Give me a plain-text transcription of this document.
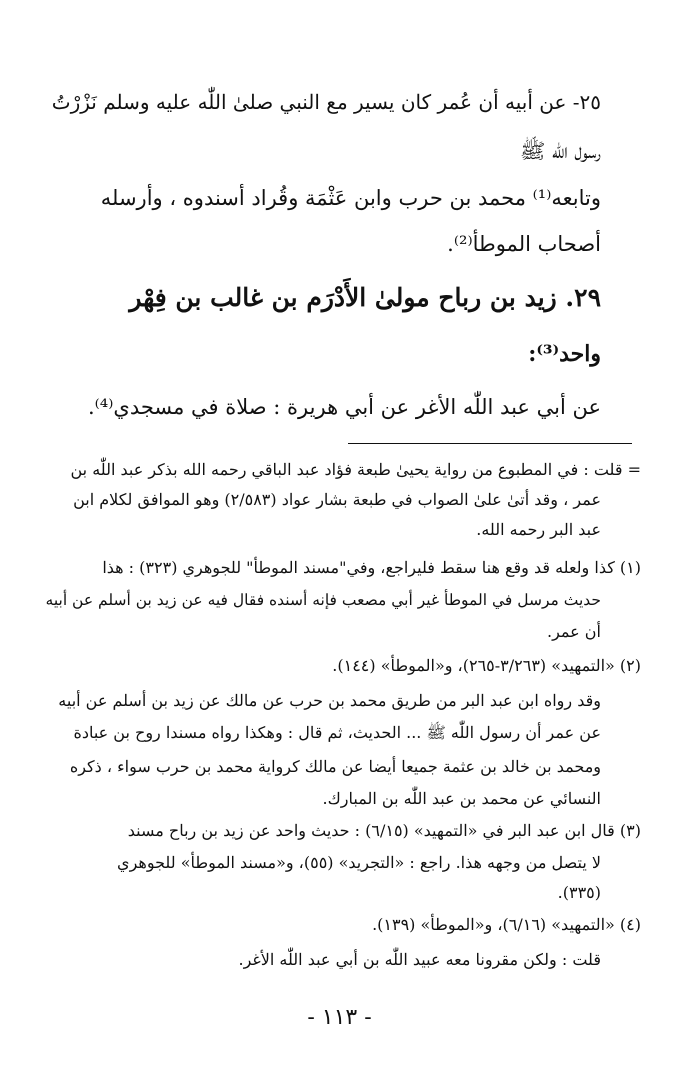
٢٥- عن أبيه أن عُمر كان يسير مع النبي صلىٰ اللّٰه عليه وسلم نَزْرْتُ
رسول اللّٰه ﷺ
وتابعه⁽¹⁾ محمد بن حرب وابن عَثْمَة وقُراد أسندوه ، وأرسله
أصحاب الموطأ⁽²⁾.
٢٩. زيد بن رباح مولىٰ الأَدْرَم بن غالب بن فِهْر
واحد⁽³⁾:
عن أبي عبد اللّٰه الأغر عن أبي هريرة : صلاة في مسجدي⁽⁴⁾.
= قلت : في المطبوع من رواية يحيىٰ طبعة فؤاد عبد الباقي رحمه الله بذكر عبد اللّٰه بن
عمر ، وقد أتىٰ علىٰ الصواب في طبعة بشار عواد (٢/٥٨٣) وهو الموافق لكلام ابن
عبد البر رحمه الله.
(١) كذا ولعله قد وقع هنا سقط فليراجع، وفي"مسند الموطأ" للجوهري (٣٢٣) : هذا
حديث مرسل في الموطأ غير أبي مصعب فإنه أسنده فقال فيه عن زيد بن أسلم عن أبيه
أن عمر.
(٢) «التمهيد» (٣/٢٦٣-٢٦٥)، و«الموطأ» (١٤٤).
وقد رواه ابن عبد البر من طريق محمد بن حرب عن مالك عن زيد بن أسلم عن أبيه
عن عمر أن رسول اللّٰه ﷺ ... الحديث، ثم قال : وهكذا رواه مسندا روح بن عبادة
ومحمد بن خالد بن عثمة جميعا أيضا عن مالك كرواية محمد بن حرب سواء ، ذكره
النسائي عن محمد بن عبد اللّٰه بن المبارك.
(٣) قال ابن عبد البر في «التمهيد» (٦/١٥) : حديث واحد عن زيد بن رباح مسند
لا يتصل من وجهه هذا. راجع : «التجريد» (٥٥)، و«مسند الموطأ» للجوهري
(٣٣٥).
(٤) «التمهيد» (٦/١٦)، و«الموطأ» (١٣٩).
قلت : ولكن مقرونا معه عبيد اللّٰه بن أبي عبد اللّٰه الأغر.
- ١١٣ -
